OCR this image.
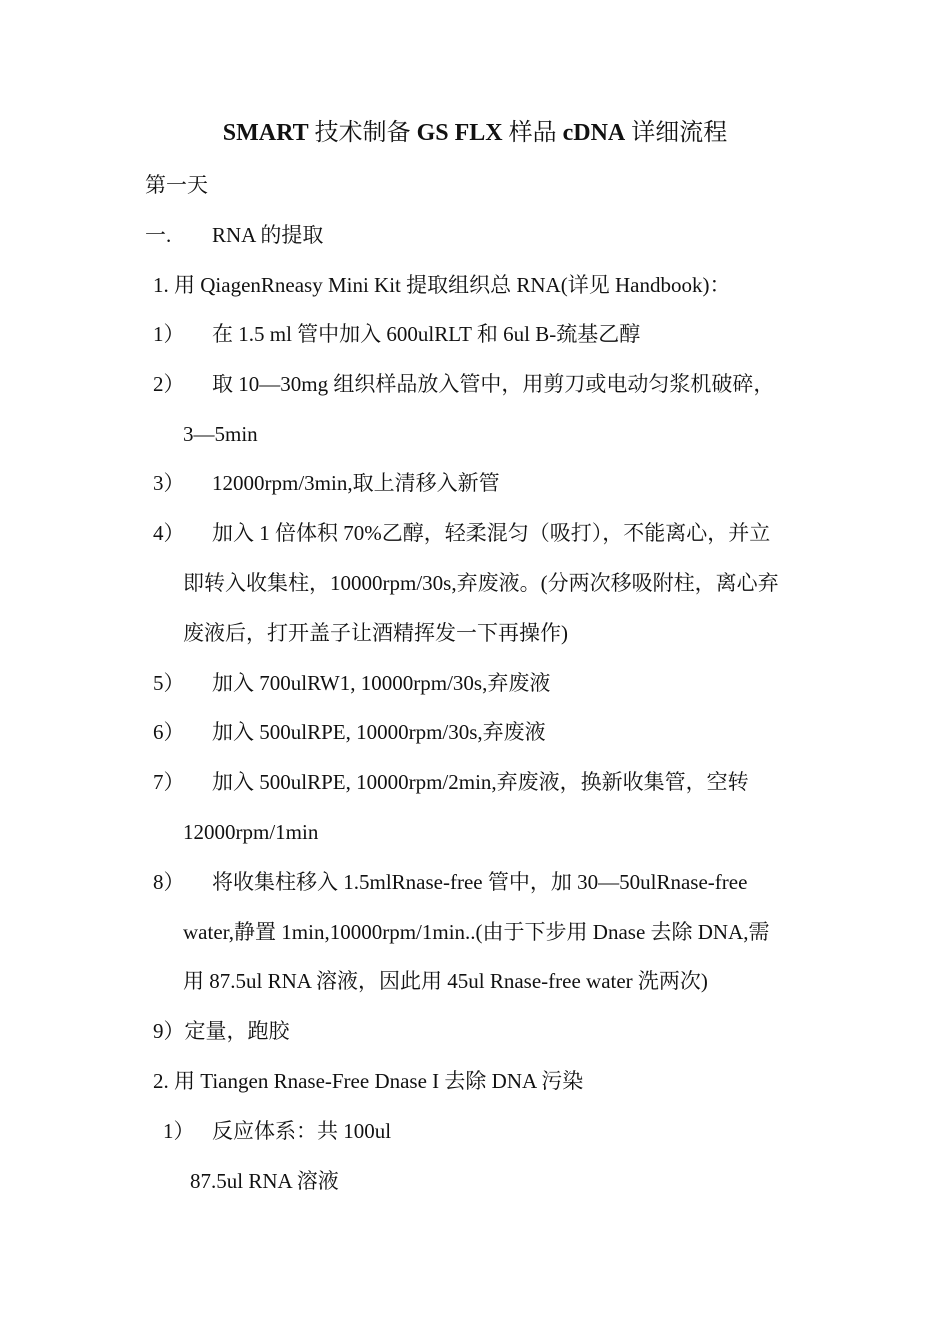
SMART 技术制备 GS FLX 样品 cDNA 详细流程
第一天
一. RNA 的提取
1. 用 QiagenRneasy Mini Kit 提取组织总 RNA(详见 Handbook)：
1） 在 1.5 ml 管中加入 600ulRLT 和 6ul B-巯基乙醇
2） 取 10—30mg 组织样品放入管中，用剪刀或电动匀浆机破碎，
3—5min
3） 12000rpm/3min,取上清移入新管
4） 加入 1 倍体积 70%乙醇，轻柔混匀（吸打），不能离心，并立
即转入收集柱，10000rpm/30s,弃废液。(分两次移吸附柱，离心弃
废液后，打开盖子让酒精挥发一下再操作)
5） 加入 700ulRW1, 10000rpm/30s,弃废液
6） 加入 500ulRPE, 10000rpm/30s,弃废液
7） 加入 500ulRPE, 10000rpm/2min,弃废液，换新收集管，空转
12000rpm/1min
8） 将收集柱移入 1.5mlRnase-free 管中，加 30—50ulRnase-free
water,静置 1min,10000rpm/1min..(由于下步用 Dnase 去除 DNA,需
用 87.5ul RNA 溶液，因此用 45ul Rnase-free water 洗两次)
9）定量，跑胶
2. 用 Tiangen Rnase-Free Dnase I 去除 DNA 污染
1） 反应体系：共 100ul
87.5ul RNA 溶液
